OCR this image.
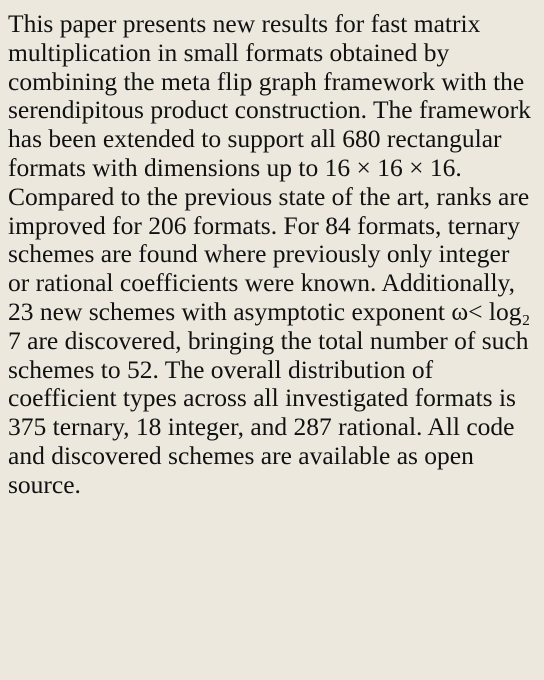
This paper presents new results for fast matrix multiplication in small formats obtained by combining the meta flip graph framework with the serendipitous product construction. The framework has been extended to support all 680 rectangular formats with dimensions up to 16 × 16 × 16. Compared to the previous state of the art, ranks are improved for 206 formats. For 84 formats, ternary schemes are found where previously only integer or rational coefficients were known. Additionally, 23 new schemes with asymptotic exponent ω< log₂ 7 are discovered, bringing the total number of such schemes to 52. The overall distribution of coefficient types across all investigated formats is 375 ternary, 18 integer, and 287 rational. All code and discovered schemes are available as open source.
